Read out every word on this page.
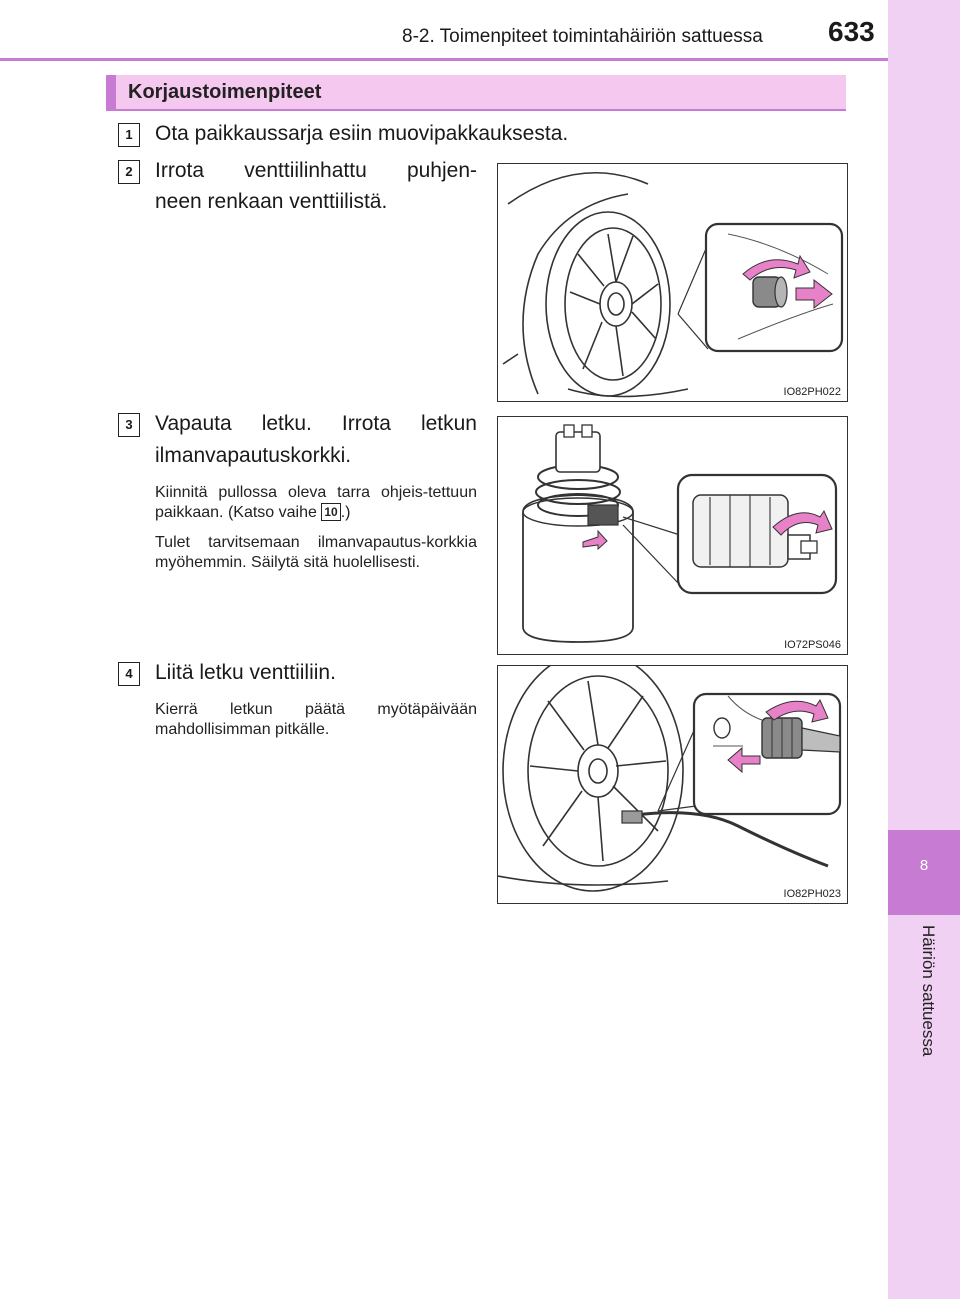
8
Häiriön sattuessa
8-2. Toimenpiteet toimintahäiriön sattuessa 633
Korjaustoimenpiteet
1	Ota paikkaussarja esiin muovipakkauksesta.
2	Irrota venttiilinhattu puhjen-
neen renkaan venttiilistä.
3	Vapauta letku. Irrota letkun
ilmanvapautuskorkki.
Kiinnitä pullossa oleva tarra ohjeis-tettuun paikkaan. (Katso vaihe 10 .)
Tulet tarvitsemaan ilmanvapautus-korkkia myöhemmin. Säilytä sitä huolellisesti.
4	Liitä letku venttiiliin.
Kierrä letkun päätä myötäpäivään mahdollisimman pitkälle.
IO82PH022
IO72PS046
IO82PH023
